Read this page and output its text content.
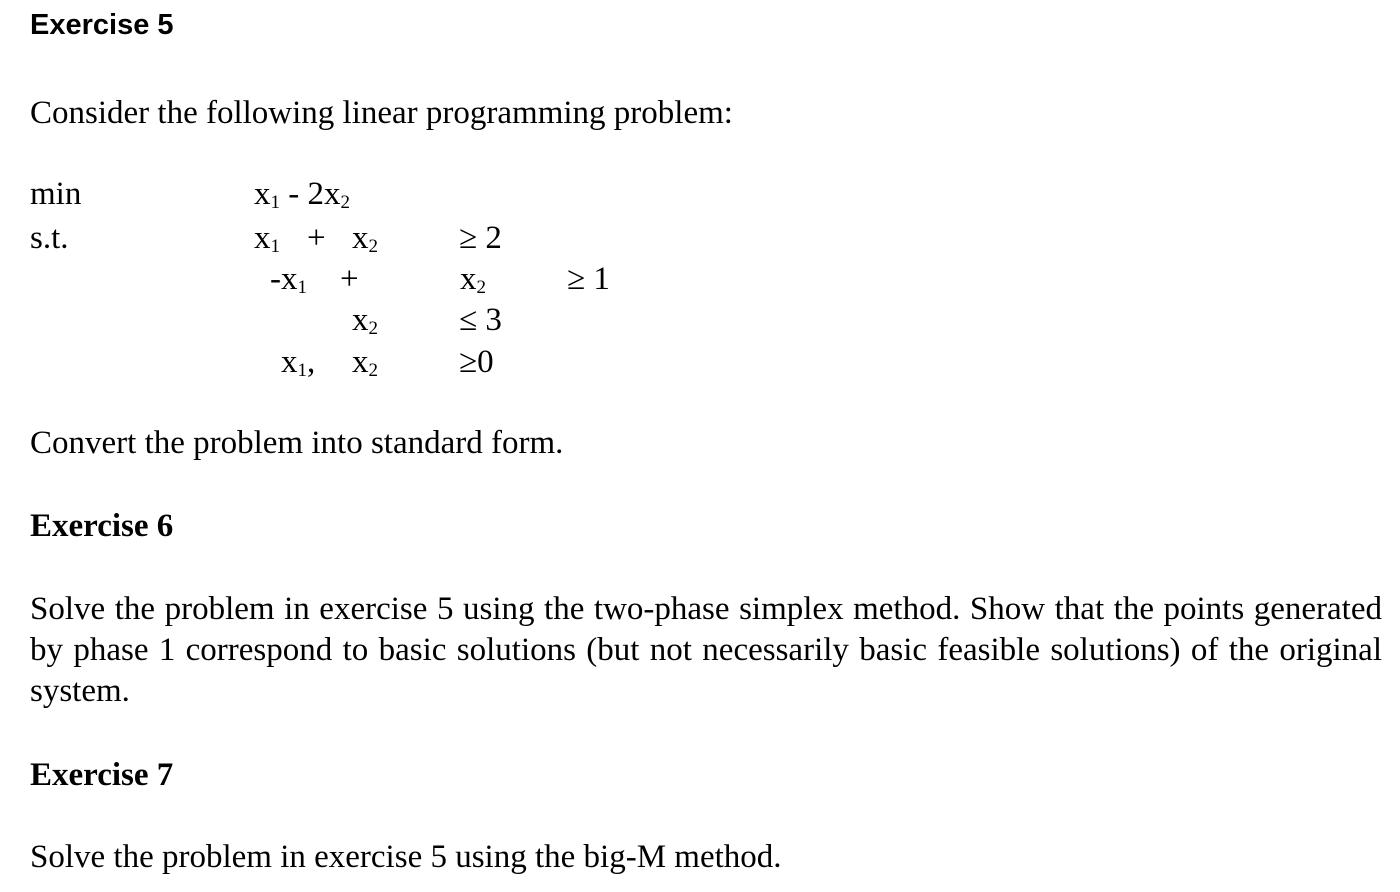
Exercise 5
Consider the following linear programming problem:
min
s.t.
x1 - 2x2
x1 + x2 ≥ 2
-x1 +	x2 ≥ 1
x2 ≤ 3
x1, x2 ≥0
Convert the problem into standard form.
Exercise 6
Solve the problem in exercise 5 using the two-phase simplex method. Show that the points generated by phase 1 correspond to basic solutions (but not necessarily basic feasible solutions) of the original system.
Exercise 7
Solve the problem in exercise 5 using the big-M method.
